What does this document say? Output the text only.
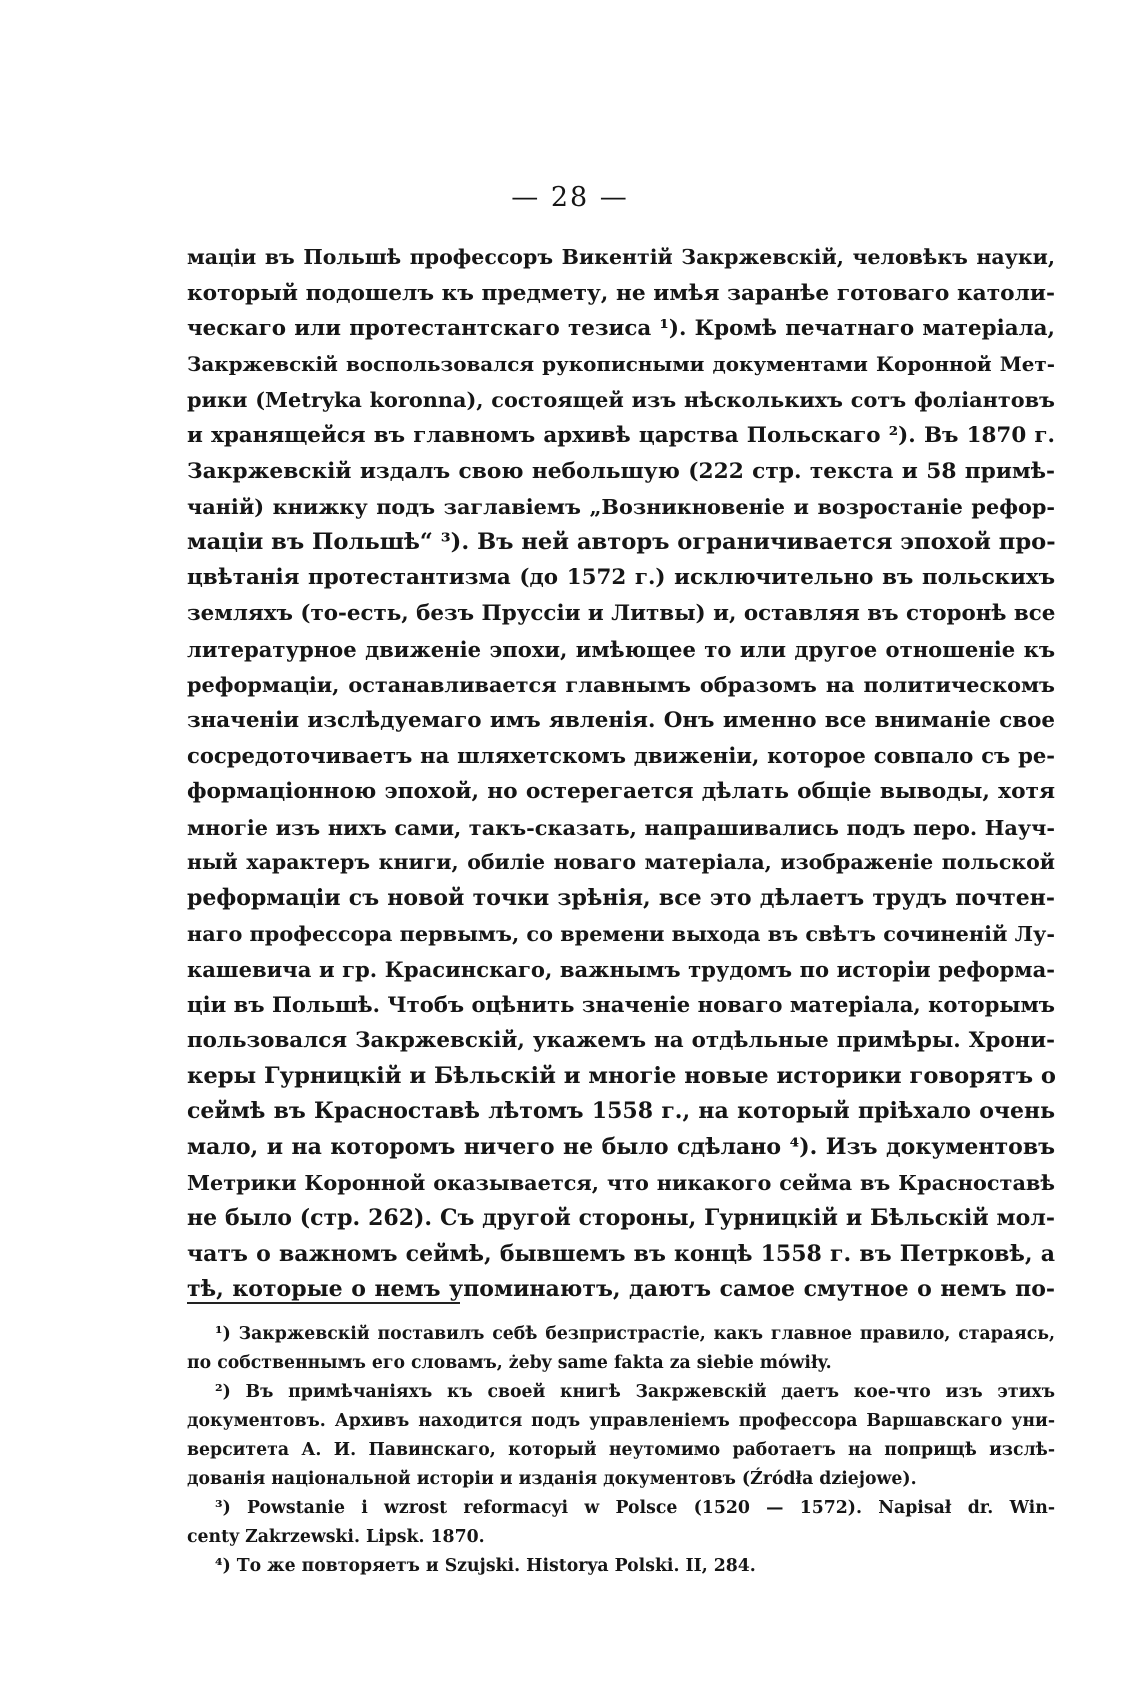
— 28 —
маціи въ Польшѣ профессоръ Викентій Закржевскій, человѣкъ науки,
который подошелъ къ предмету, не имѣя заранѣе готоваго католи-
ческаго или протестантскаго тезиса ¹). Кромѣ печатнаго матеріала,
Закржевскій воспользовался рукописными документами Коронной Мет-
рики (Metryka koronna), состоящей изъ нѣсколькихъ сотъ фоліантовъ
и хранящейся въ главномъ архивѣ царства Польскаго ²). Въ 1870 г.
Закржевскій издалъ свою небольшую (222 стр. текста и 58 примѣ-
чаній) книжку подъ заглавіемъ „Возникновеніе и возростаніе рефор-
маціи въ Польшѣ“ ³). Въ ней авторъ ограничивается эпохой про-
цвѣтанія протестантизма (до 1572 г.) исключительно въ польскихъ
земляхъ (то-есть, безъ Пруссіи и Литвы) и, оставляя въ сторонѣ все
литературное движеніе эпохи, имѣющее то или другое отношеніе къ
реформаціи, останавливается главнымъ образомъ на политическомъ
значеніи изслѣдуемаго имъ явленія. Онъ именно все вниманіе свое
сосредоточиваетъ на шляхетскомъ движеніи, которое совпало съ ре-
формаціонною эпохой, но остерегается дѣлать общіе выводы, хотя
многіе изъ нихъ сами, такъ-сказать, напрашивались подъ перо. Науч-
ный характеръ книги, обиліе новаго матеріала, изображеніе польской
реформаціи съ новой точки зрѣнія, все это дѣлаетъ трудъ почтен-
наго профессора первымъ, со времени выхода въ свѣтъ сочиненій Лу-
кашевича и гр. Красинскаго, важнымъ трудомъ по исторіи реформа-
ціи въ Польшѣ. Чтобъ оцѣнить значеніе новаго матеріала, которымъ
пользовался Закржевскій, укажемъ на отдѣльные примѣры. Хрони-
керы Гурницкій и Бѣльскій и многіе новые историки говорятъ о
сеймѣ въ Красноставѣ лѣтомъ 1558 г., на который пріѣхало очень
мало, и на которомъ ничего не было сдѣлано ⁴). Изъ документовъ
Метрики Коронной оказывается, что никакого сейма въ Красноставѣ
не было (стр. 262). Съ другой стороны, Гурницкій и Бѣльскій мол-
чатъ о важномъ сеймѣ, бывшемъ въ концѣ 1558 г. въ Петрковѣ, а
тѣ, которые о немъ упоминаютъ, даютъ самое смутное о немъ по-
¹) Закржевскій поставилъ себѣ безпристрастіе, какъ главное правило, стараясь,
по собственнымъ его словамъ, żeby same fakta za siebie mówiły.
²) Въ примѣчаніяхъ къ своей книгѣ Закржевскій даетъ кое-что изъ этихъ
документовъ. Архивъ находится подъ управленіемъ профессора Варшавскаго уни-
верситета А. И. Павинскаго, который неутомимо работаетъ на поприщѣ изслѣ-
дованія національной исторіи и изданія документовъ (Źródła dziejowe).
³) Powstanie i wzrost reformacyi w Polsce (1520 — 1572). Napisał dr. Win-
centy Zakrzewski. Lipsk. 1870.
⁴) То же повторяетъ и Szujski. Historya Polski. II, 284.
